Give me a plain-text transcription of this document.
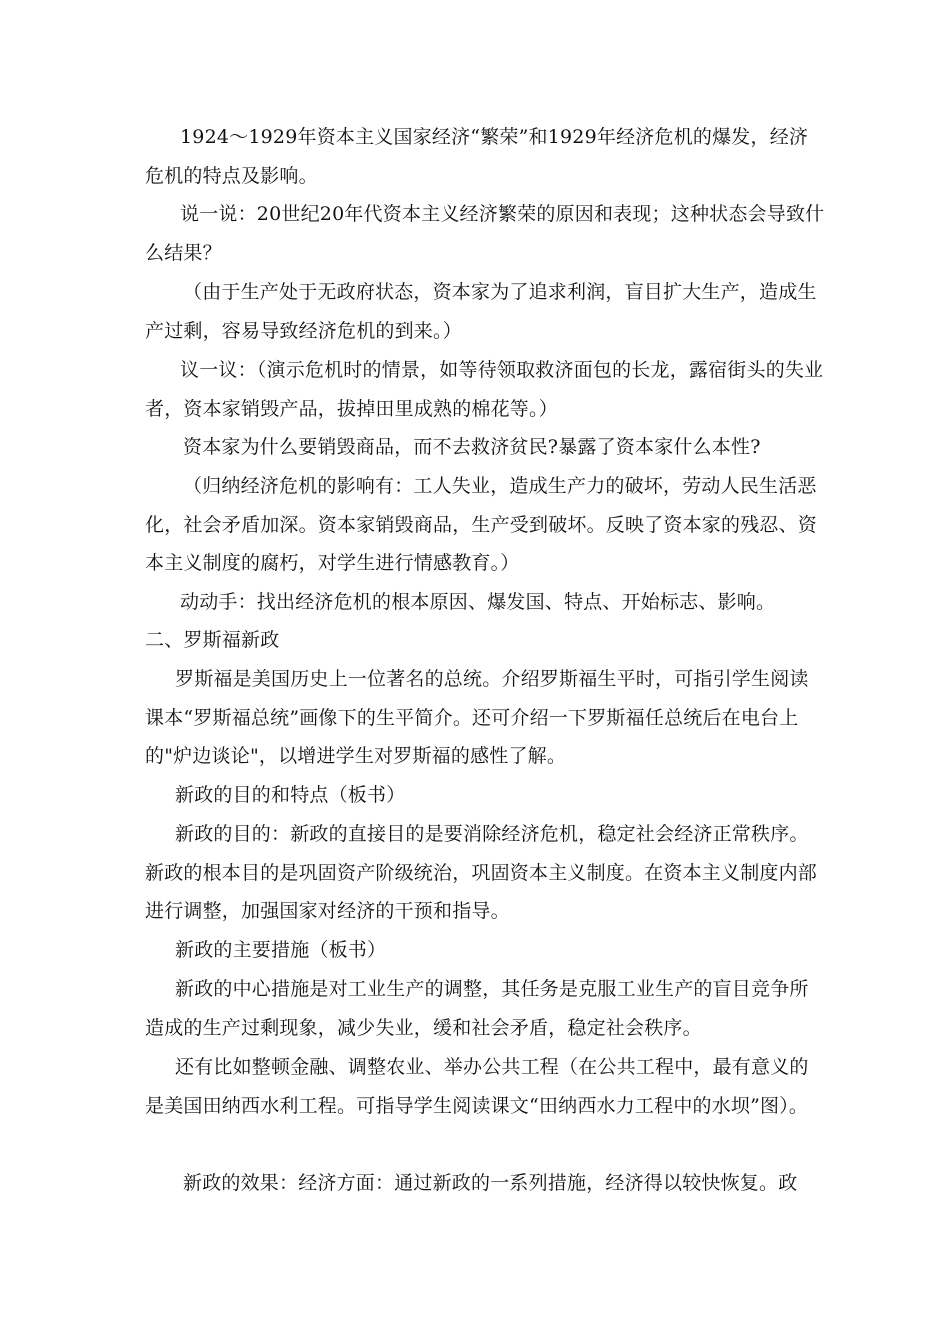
1924～1929年资本主义国家经济“繁荣”和1929年经济危机的爆发，经济危机的特点及影响。

说一说：20世纪20年代资本主义经济繁荣的原因和表现；这种状态会导致什么结果？

（由于生产处于无政府状态，资本家为了追求利润，盲目扩大生产，造成生产过剩，容易导致经济危机的到来。）

议一议：（演示危机时的情景，如等待领取救济面包的长龙，露宿街头的失业者，资本家销毁产品，拔掉田里成熟的棉花等。）

资本家为什么要销毁商品，而不去救济贫民?暴露了资本家什么本性?

（归纳经济危机的影响有：工人失业，造成生产力的破坏，劳动人民生活恶化，社会矛盾加深。资本家销毁商品，生产受到破坏。反映了资本家的残忍、资本主义制度的腐朽，对学生进行情感教育。）

动动手：找出经济危机的根本原因、爆发国、特点、开始标志、影响。

二、罗斯福新政

罗斯福是美国历史上一位著名的总统。介绍罗斯福生平时，可指引学生阅读课本“罗斯福总统”画像下的生平简介。还可介绍一下罗斯福任总统后在电台上的"炉边谈论"，以增进学生对罗斯福的感性了解。

新政的目的和特点（板书）

新政的目的：新政的直接目的是要消除经济危机，稳定社会经济正常秩序。新政的根本目的是巩固资产阶级统治，巩固资本主义制度。在资本主义制度内部进行调整，加强国家对经济的干预和指导。

新政的主要措施（板书）

新政的中心措施是对工业生产的调整，其任务是克服工业生产的盲目竞争所造成的生产过剩现象，减少失业，缓和社会矛盾，稳定社会秩序。

还有比如整顿金融、调整农业、举办公共工程（在公共工程中，最有意义的是美国田纳西水利工程。可指导学生阅读课文“田纳西水力工程中的水坝”图）。

新政的效果：经济方面：通过新政的一系列措施，经济得以较快恢复。政
